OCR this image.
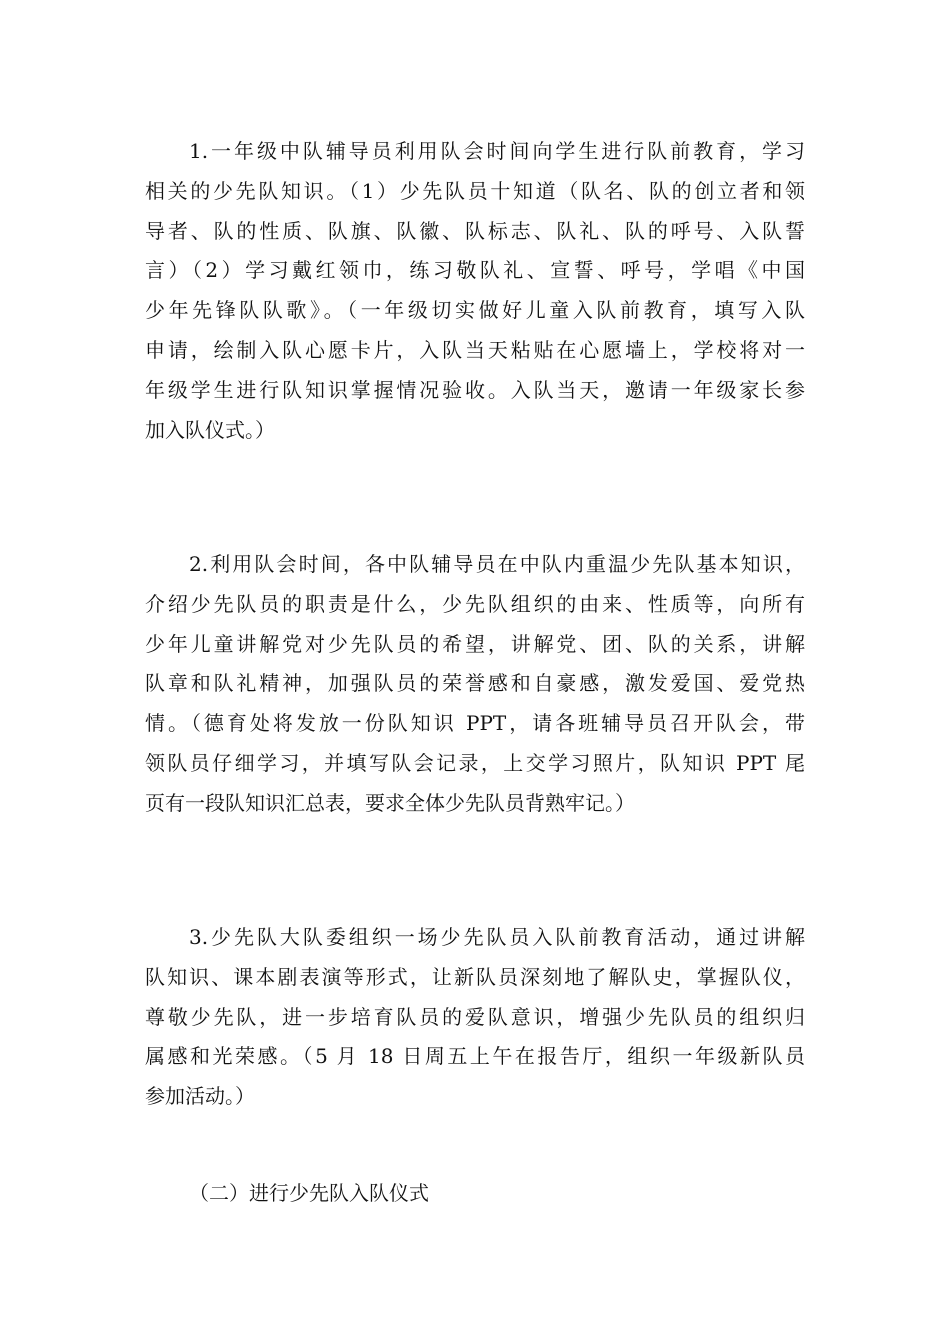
1.一年级中队辅导员利用队会时间向学生进行队前教育，学习
相关的少先队知识。（1）少先队员十知道（队名、队的创立者和领
导者、队的性质、队旗、队徽、队标志、队礼、队的呼号、入队誓
言）（2）学习戴红领巾，练习敬队礼、宣誓、呼号，学唱《中国
少年先锋队队歌》。（一年级切实做好儿童入队前教育，填写入队
申请，绘制入队心愿卡片，入队当天粘贴在心愿墙上，学校将对一
年级学生进行队知识掌握情况验收。入队当天，邀请一年级家长参
加入队仪式。）
2.利用队会时间，各中队辅导员在中队内重温少先队基本知识，
介绍少先队员的职责是什么，少先队组织的由来、性质等，向所有
少年儿童讲解党对少先队员的希望，讲解党、团、队的关系，讲解
队章和队礼精神，加强队员的荣誉感和自豪感，激发爱国、爱党热
情。（德育处将发放一份队知识 PPT，请各班辅导员召开队会，带
领队员仔细学习，并填写队会记录，上交学习照片，队知识 PPT 尾
页有一段队知识汇总表，要求全体少先队员背熟牢记。）
3.少先队大队委组织一场少先队员入队前教育活动，通过讲解
队知识、课本剧表演等形式，让新队员深刻地了解队史，掌握队仪，
尊敬少先队，进一步培育队员的爱队意识，增强少先队员的组织归
属感和光荣感。（5 月 18 日周五上午在报告厅，组织一年级新队员
参加活动。）
（二）进行少先队入队仪式
